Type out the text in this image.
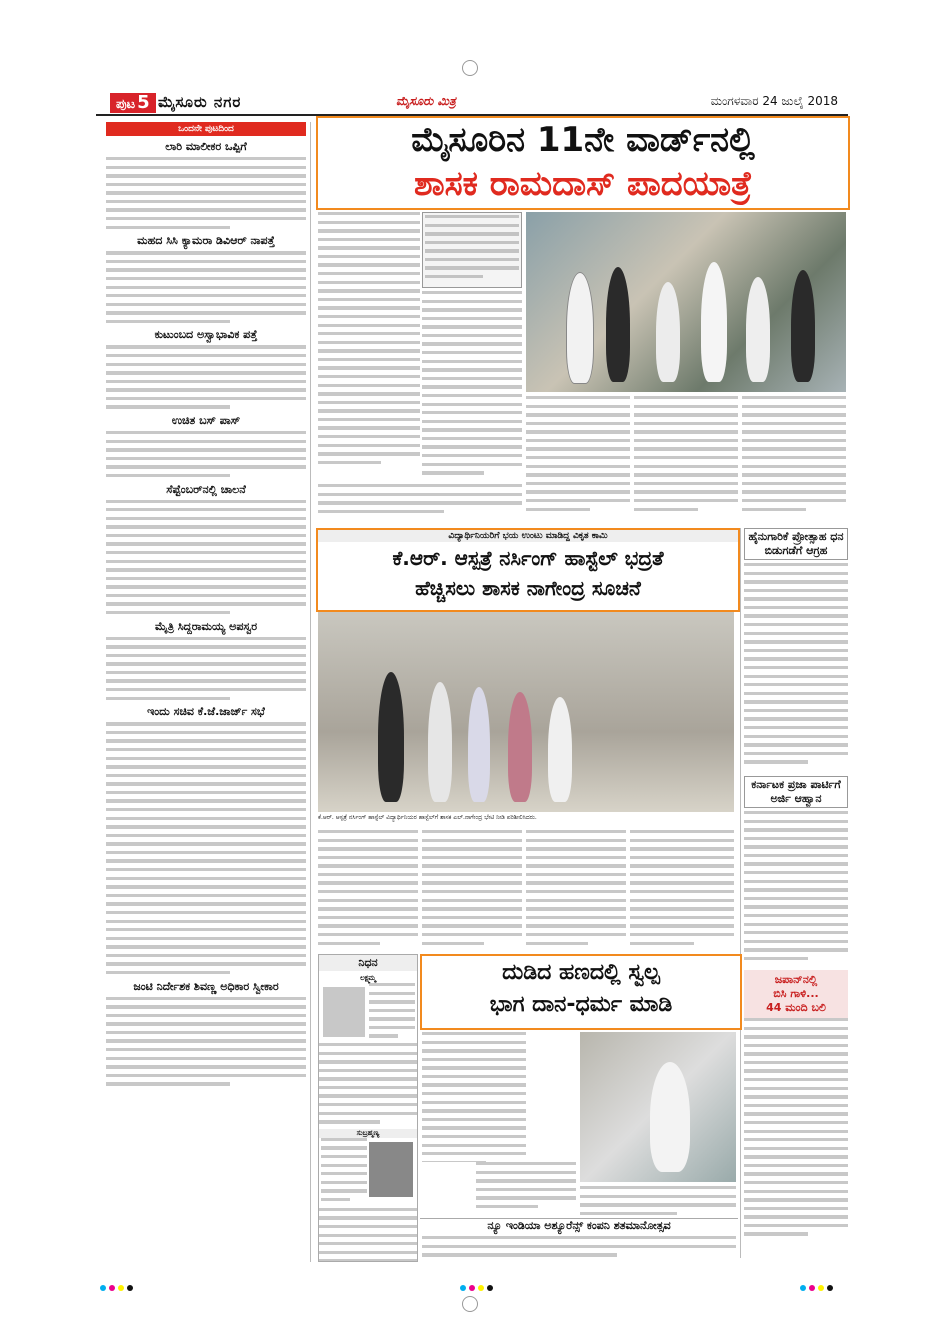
ಪುಟ 5 ಮೈಸೂರು ನಗರ	ಮೈಸೂರು ಮಿತ್ರ	ಮಂಗಳವಾರ 24 ಜುಲೈ 2018
ಒಂದನೇ ಪುಟದಿಂದ
ಲಾರಿ ಮಾಲೀಕರ ಒಪ್ಪಿಗೆ
ಮಹದ ಸಿಸಿ ಕ್ಯಾಮರಾ ಡಿವಿಆರ್ ನಾಪತ್ತೆ
ಕುಟುಂಬದ ಅಸ್ವಾಭಾವಿಕ ಪತ್ತೆ
ಉಚಿತ ಬಸ್ ಪಾಸ್
ಸೆಪ್ಟೆಂಬರ್‌ನಲ್ಲಿ ಚಾಲನೆ
ಮೈತ್ರಿ ಸಿದ್ದರಾಮಯ್ಯ ಅಪಸ್ವರ
ಇಂದು ಸಚಿವ ಕೆ.ಜೆ.ಜಾರ್ಜ್ ಸಭೆ
ಜಂಟಿ ನಿರ್ದೇಶಕ ಶಿವಣ್ಣ ಅಧಿಕಾರ ಸ್ವೀಕಾರ
ಮೈಸೂರಿನ 11ನೇ ವಾರ್ಡ್‌ನಲ್ಲಿ
ಶಾಸಕ ರಾಮದಾಸ್ ಪಾದಯಾತ್ರೆ
ವಿದ್ಯಾರ್ಥಿನಿಯರಿಗೆ ಭಯ ಉಂಟು ಮಾಡಿದ್ದ ವಿಕೃತ ಕಾಮಿ
ಕೆ.ಆರ್. ಆಸ್ಪತ್ರೆ ನರ್ಸಿಂಗ್ ಹಾಸ್ಟೆಲ್ ಭದ್ರತೆ
ಹೆಚ್ಚಿಸಲು ಶಾಸಕ ನಾಗೇಂದ್ರ ಸೂಚನೆ
ಕೆ.ಆರ್. ಆಸ್ಪತ್ರೆ ನರ್ಸಿಂಗ್ ಹಾಸ್ಟೆಲ್ ವಿದ್ಯಾರ್ಥಿನಿಯರ ಹಾಸ್ಟೆಲ್‌ಗೆ ಶಾಸಕ ಎಲ್.ನಾಗೇಂದ್ರ ಭೇಟಿ ನೀಡಿ ಪರಿಶೀಲಿಸಿದರು.
ಹೈನುಗಾರಿಕೆ ಪ್ರೋತ್ಸಾಹ ಧನ ಬಿಡುಗಡೆಗೆ ಆಗ್ರಹ
ಕರ್ನಾಟಕ ಪ್ರಜಾ ಪಾರ್ಟಿಗೆ ಅರ್ಜಿ ಆಹ್ವಾನ
ಜಪಾನ್‌ನಲ್ಲಿ
ಬಿಸಿ ಗಾಳಿ...
44 ಮಂದಿ ಬಲಿ
ನಿಧನ
ಲಕ್ಷ್ಮಮ್ಮ
ಸುಬ್ರಹ್ಮಣ್ಯ
ದುಡಿದ ಹಣದಲ್ಲಿ ಸ್ವಲ್ಪ
ಭಾಗ ದಾನ-ಧರ್ಮ ಮಾಡಿ
ನ್ಯೂ ಇಂಡಿಯಾ ಅಶ್ಯೂರೆನ್ಸ್ ಕಂಪನಿ ಶತಮಾನೋತ್ಸವ
